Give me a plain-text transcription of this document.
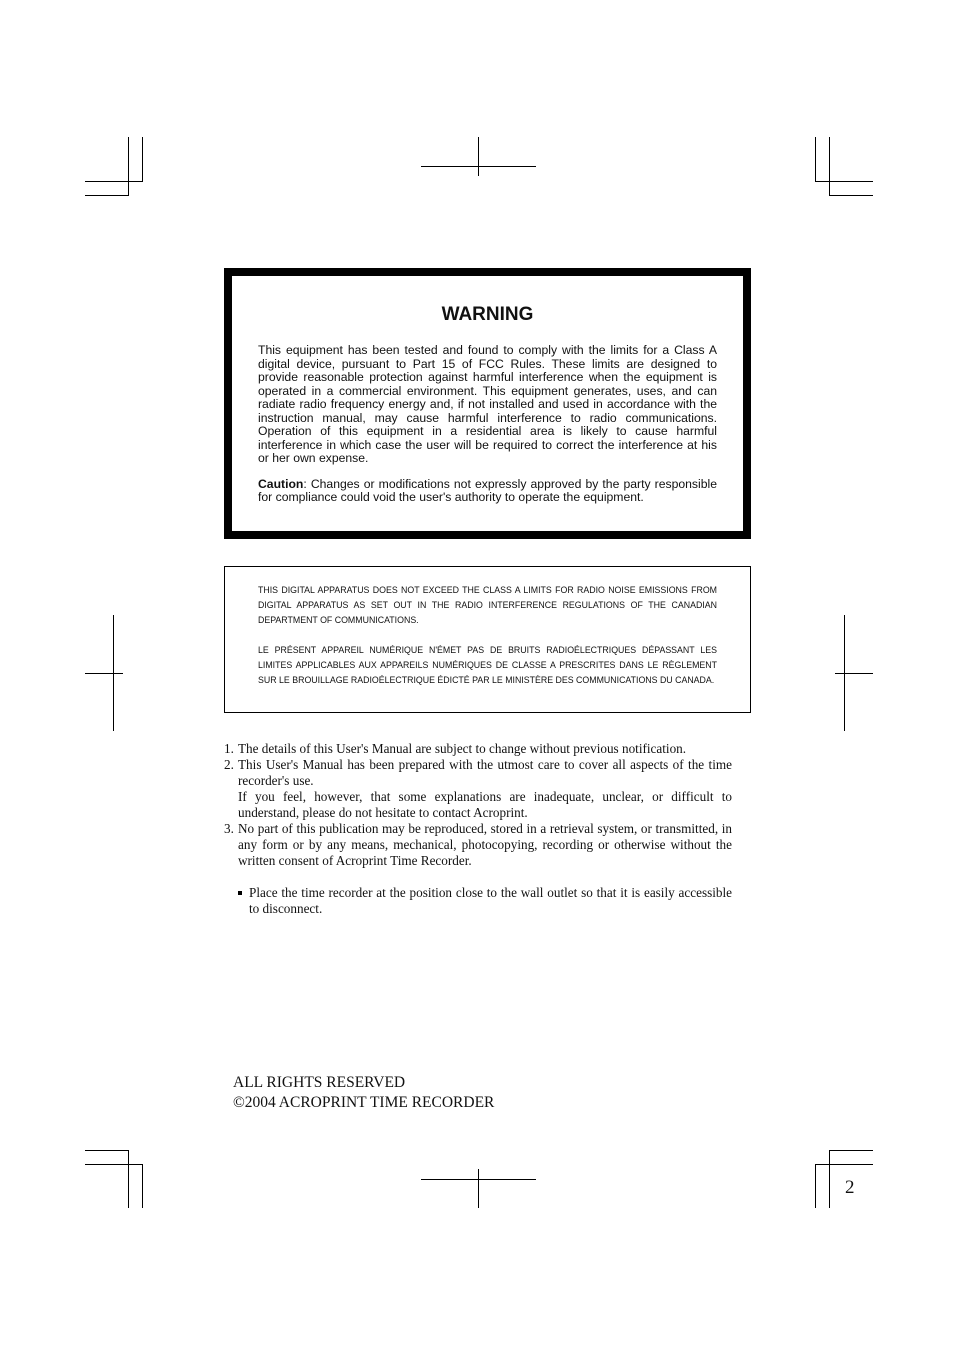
WARNING

This equipment has been tested and found to comply with the limits for a Class A digital device, pursuant to Part 15 of FCC Rules. These limits are designed to provide reasonable protection against harmful interference when the equipment is operated in a commercial environment. This equipment generates, uses, and can radiate radio frequency energy and, if not installed and used in accordance with the instruction manual, may cause harmful interference to radio communications. Operation of this equipment in a residential area is likely to cause harmful interference in which case the user will be required to correct the interference at his or her own expense.

Caution: Changes or modifications not expressly approved by the party responsible for compliance could void the user's authority to operate the equipment.

THIS DIGITAL APPARATUS DOES NOT EXCEED THE CLASS A LIMITS FOR RADIO NOISE EMISSIONS FROM DIGITAL APPARATUS AS SET OUT IN THE RADIO INTERFERENCE REGULATIONS OF THE CANADIAN DEPARTMENT OF COMMUNICATIONS.

LE PRÉSENT APPAREIL NUMÉRIQUE N'ÉMET PAS DE BRUITS RADIOÉLECTRIQUES DÉPASSANT LES LIMITES APPLICABLES AUX APPAREILS NUMÉRIQUES DE CLASSE A PRESCRITES DANS LE RÈGLEMENT SUR LE BROUILLAGE RADIOÉLECTRIQUE ÉDICTÉ PAR LE MINISTÈRE DES COMMUNICATIONS DU CANADA.

1. The details of this User's Manual are subject to change without previous notification.

2. This User's Manual has been prepared with the utmost care to cover all aspects of the time recorder's use.

If you feel, however, that some explanations are inadequate, unclear, or difficult to understand, please do not hesitate to contact Acroprint.

3. No part of this publication may be reproduced, stored in a retrieval system, or transmitted, in any form or by any means, mechanical, photocopying, recording or otherwise without the written consent of Acroprint Time Recorder.

Place the time recorder at the position close to the wall outlet so that it is easily accessible to disconnect.

ALL RIGHTS RESERVED
©2004 ACROPRINT TIME RECORDER
2
